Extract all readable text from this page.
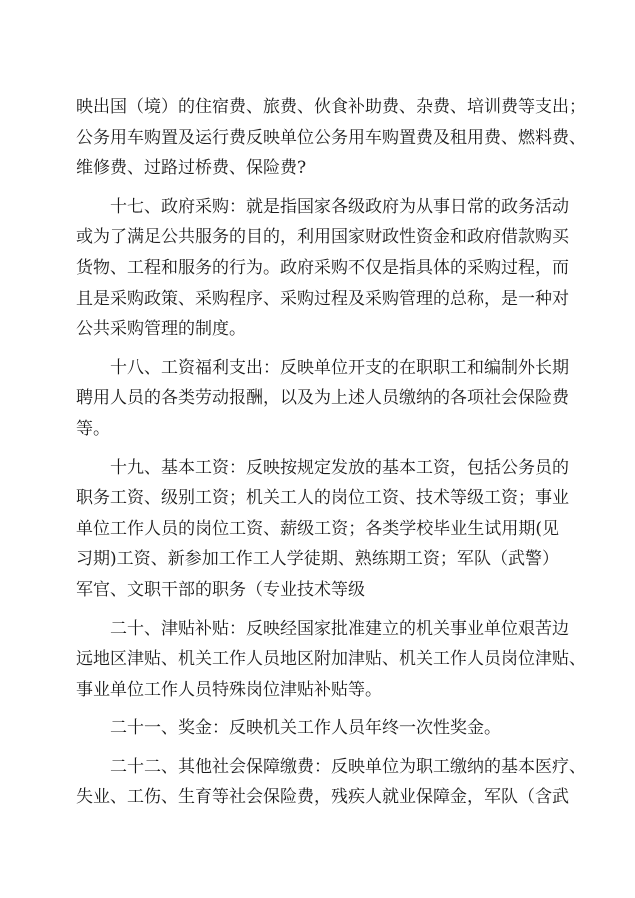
映出国（境）的住宿费、旅费、伙食补助费、杂费、培训费等支出；
公务用车购置及运行费反映单位公务用车购置费及租用费、燃料费、
维修费、过路过桥费、保险费?
十七、政府采购：就是指国家各级政府为从事日常的政务活动
或为了满足公共服务的目的，利用国家财政性资金和政府借款购买
货物、工程和服务的行为。政府采购不仅是指具体的采购过程，而
且是采购政策、采购程序、采购过程及采购管理的总称，是一种对
公共采购管理的制度。
十八、工资福利支出：反映单位开支的在职职工和编制外长期
聘用人员的各类劳动报酬，以及为上述人员缴纳的各项社会保险费
等。
十九、基本工资：反映按规定发放的基本工资，包括公务员的
职务工资、级别工资；机关工人的岗位工资、技术等级工资；事业
单位工作人员的岗位工资、薪级工资；各类学校毕业生试用期(见
习期)工资、新参加工作工人学徒期、熟练期工资；军队（武警）
军官、文职干部的职务（专业技术等级
二十、津贴补贴：反映经国家批准建立的机关事业单位艰苦边
远地区津贴、机关工作人员地区附加津贴、机关工作人员岗位津贴、
事业单位工作人员特殊岗位津贴补贴等。
二十一、奖金：反映机关工作人员年终一次性奖金。
二十二、其他社会保障缴费：反映单位为职工缴纳的基本医疗、
失业、工伤、生育等社会保险费，残疾人就业保障金，军队（含武
